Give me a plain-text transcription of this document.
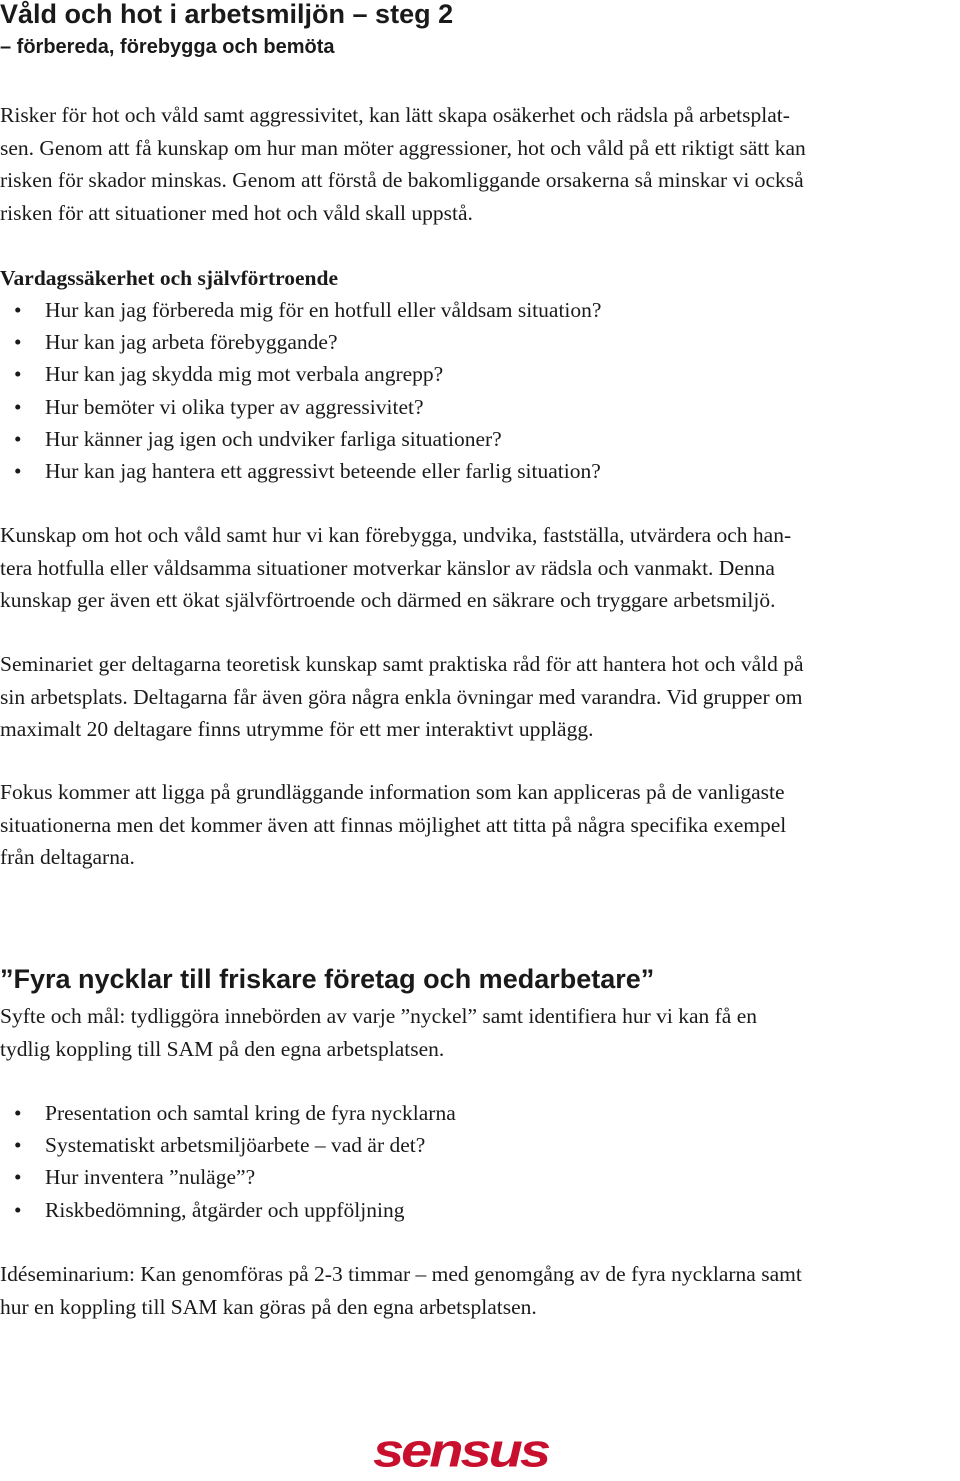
Våld och hot i arbetsmiljön – steg 2
– förbereda, förebygga och bemöta

Risker för hot och våld samt aggressivitet, kan lätt skapa osäkerhet och rädsla på arbetsplat-
sen. Genom att få kunskap om hur man möter aggressioner, hot och våld på ett riktigt sätt kan
risken för skador minskas. Genom att förstå de bakomliggande orsakerna så minskar vi också
risken för att situationer med hot och våld skall uppstå.

Vardagssäkerhet och självförtroende
• Hur kan jag förbereda mig för en hotfull eller våldsam situation?
• Hur kan jag arbeta förebyggande?
• Hur kan jag skydda mig mot verbala angrepp?
• Hur bemöter vi olika typer av aggressivitet?
• Hur känner jag igen och undviker farliga situationer?
• Hur kan jag hantera ett aggressivt beteende eller farlig situation?

Kunskap om hot och våld samt hur vi kan förebygga, undvika, fastställa, utvärdera och han-
tera hotfulla eller våldsamma situationer motverkar känslor av rädsla och vanmakt. Denna
kunskap ger även ett ökat självförtroende och därmed en säkrare och tryggare arbetsmiljö.

Seminariet ger deltagarna teoretisk kunskap samt praktiska råd för att hantera hot och våld på
sin arbetsplats. Deltagarna får även göra några enkla övningar med varandra. Vid grupper om
maximalt 20 deltagare finns utrymme för ett mer interaktivt upplägg.

Fokus kommer att ligga på grundläggande information som kan appliceras på de vanligaste
situationerna men det kommer även att finnas möjlighet att titta på några specifika exempel
från deltagarna.

”Fyra nycklar till friskare företag och medarbetare”

Syfte och mål: tydliggöra innebörden av varje ”nyckel” samt identifiera hur vi kan få en
tydlig koppling till SAM på den egna arbetsplatsen.

• Presentation och samtal kring de fyra nycklarna
• Systematiskt arbetsmiljöarbete – vad är det?
• Hur inventera ”nuläge”?
• Riskbedömning, åtgärder och uppföljning

Idéseminarium: Kan genomföras på 2-3 timmar – med genomgång av de fyra nycklarna samt
hur en koppling till SAM kan göras på den egna arbetsplatsen.

sensus
